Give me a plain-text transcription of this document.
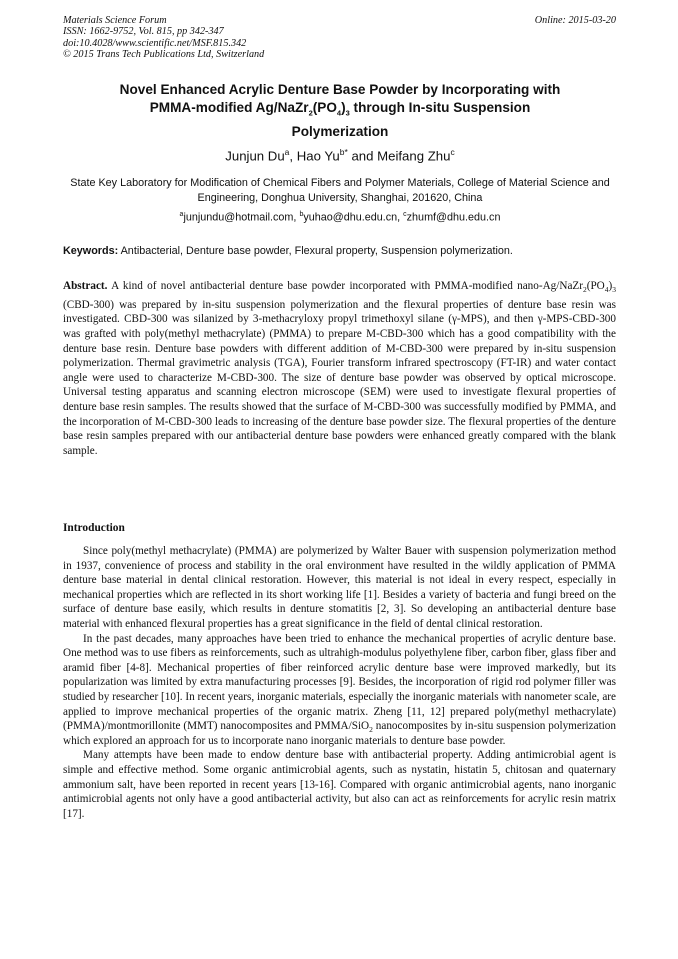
Materials Science Forum
ISSN: 1662-9752, Vol. 815, pp 342-347
doi:10.4028/www.scientific.net/MSF.815.342
© 2015 Trans Tech Publications Ltd, Switzerland
Online: 2015-03-20
Novel Enhanced Acrylic Denture Base Powder by Incorporating with
PMMA-modified $Ag/NaZr_2(PO_4)_3$ through In-situ Suspension
Polymerization
Junjun Du$^a$, Hao $Yu^{b*}$ and Meifang Zhu$^c$
State Key Laboratory for Modification of Chemical Fibers and Polymer Materials, College of Material Science and Engineering, Donghua University, Shanghai, 201620, China
$^a$junjundu@hotmail.com, $^b$yuhao@dhu.edu.cn, $^c$zhumf@dhu.edu.cn
Keywords: Antibacterial, Denture base powder, Flexural property, Suspension polymerization.
Abstract. A kind of novel antibacterial denture base powder incorporated with PMMA-modified nano-$Ag/NaZr_2(PO_4)_3$ (CBD-300) was prepared by in-situ suspension polymerization and the flexural properties of denture base resin was investigated. CBD-300 was silanized by 3-methacryloxy propyl trimethoxyl silane (γ-MPS), and then γ-MPS-CBD-300 was grafted with poly(methyl methacrylate) (PMMA) to prepare M-CBD-300 which has a good compatibility with the denture base resin. Denture base powders with different addition of M-CBD-300 were prepared by in-situ suspension polymerization. Thermal gravimetric analysis (TGA), Fourier transform infrared spectroscopy (FT-IR) and water contact angle were used to characterize M-CBD-300. The size of denture base powder was observed by optical microscope. Universal testing apparatus and scanning electron microscope (SEM) were used to investigate flexural properties of denture base resin samples. The results showed that the surface of M-CBD-300 was successfully modified by PMMA, and the incorporation of M-CBD-300 leads to increasing of the denture base powder size. The flexural properties of the denture base resin samples prepared with our antibacterial denture base powders were enhanced greatly compared with the blank sample.
Introduction

Since poly(methyl methacrylate) (PMMA) are polymerized by Walter Bauer with suspension polymerization method in 1937, convenience of process and stability in the oral environment have resulted in the wildly application of PMMA denture base material in dental clinical restoration. However, this material is not ideal in every respect, especially in mechanical properties which are reflected in its short working life [1]. Besides a variety of bacteria and fungi breed on the surface of denture base easily, which results in denture stomatitis [2, 3]. So developing an antibacterial denture base material with enhanced flexural properties has a great significance in the field of dental clinical restoration.

In the past decades, many approaches have been tried to enhance the mechanical properties of acrylic denture base. One method was to use fibers as reinforcements, such as ultrahigh-modulus polyethylene fiber, carbon fiber, glass fiber and aramid fiber [4-8]. Mechanical properties of fiber reinforced acrylic denture base were improved markedly, but its popularization was limited by extra manufacturing processes [9]. Besides, the incorporation of rigid rod polymer filler was studied by researcher [10]. In recent years, inorganic materials, especially the inorganic materials with nanometer scale, are applied to improve mechanical properties of the organic matrix. Zheng [11, 12] prepared poly(methyl methacrylate) (PMMA)/montmorillonite (MMT) nanocomposites and PMMA/SiO$_2$ nanocomposites by in-situ suspension polymerization which explored an approach for us to incorporate nano inorganic materials to denture base powder.

Many attempts have been made to endow denture base with antibacterial property. Adding antimicrobial agent is simple and effective method. Some organic antimicrobial agents, such as nystatin, histatin 5, chitosan and quaternary ammonium salt, have been reported in recent years [13-16]. Compared with organic antimicrobial agents, nano inorganic antimicrobial agents not only have a good antibacterial activity, but also can act as reinforcements for acrylic resin matrix [17].
